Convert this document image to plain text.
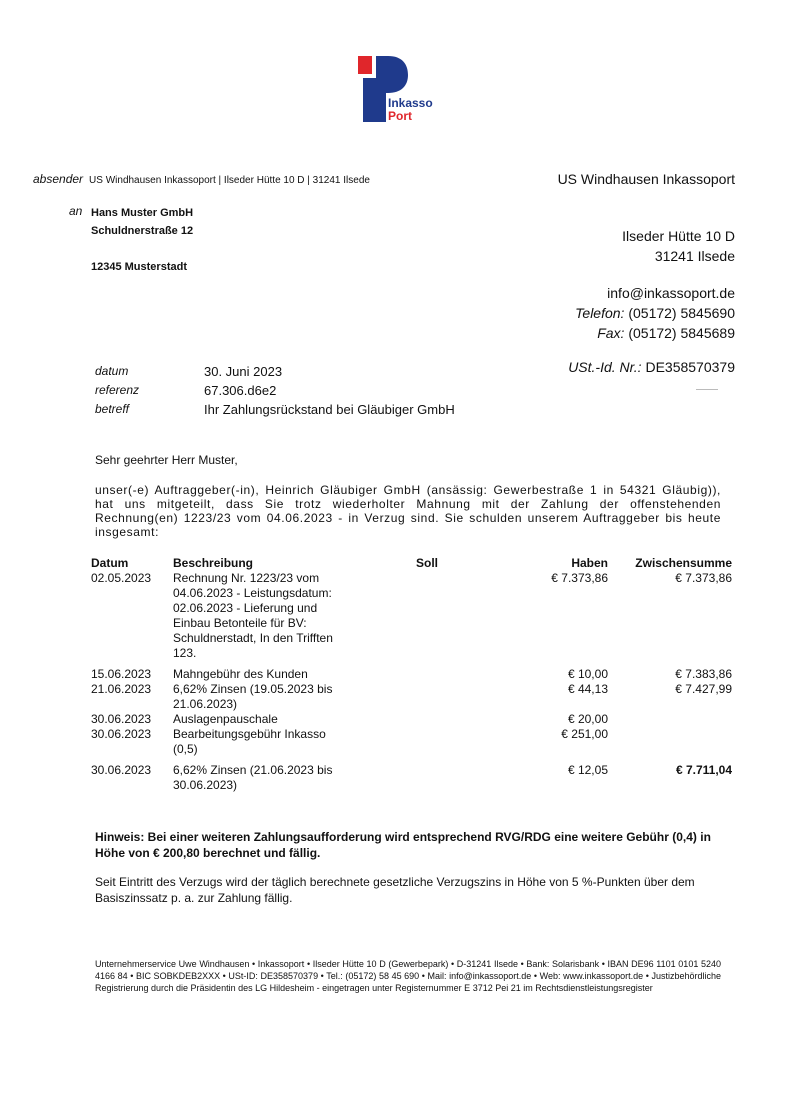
Inkasso
Port
absender US Windhausen Inkassoport | Ilseder Hütte 10 D | 31241 Ilsede	US Windhausen Inkassoport
an Hans Muster GmbH
Schuldnerstraße 12
12345 Musterstadt
Ilseder Hütte 10 D
31241 Ilsede
info@inkassoport.de
Telefon: (05172) 5845690
Fax: (05172) 5845689
USt.-Id. Nr.: DE358570379
datum	30. Juni 2023
referenz	67.306.d6e2
betreff	Ihr Zahlungsrückstand bei Gläubiger GmbH
Sehr geehrter Herr Muster,
unser(-e) Auftraggeber(-in), Heinrich Gläubiger GmbH (ansässig: Gewerbestraße 1 in 54321 Gläubig)), hat uns mitgeteilt, dass Sie trotz wiederholter Mahnung mit der Zahlung der offenstehenden Rechnung(en) 1223/23 vom 04.06.2023 - in Verzug sind. Sie schulden unserem Auftraggeber bis heute insgesamt:
Datum	Beschreibung	Soll	Haben	Zwischensumme
02.05.2023	Rechnung Nr. 1223/23 vom 04.06.2023 - Leistungsdatum: 02.06.2023 - Lieferung und Einbau Betonteile für BV: Schuldnerstadt, In den Trifften 123.		€ 7.373,86	€ 7.373,86
15.06.2023	Mahngebühr des Kunden		€ 10,00	€ 7.383,86
21.06.2023	6,62% Zinsen (19.05.2023 bis 21.06.2023)		€ 44,13	€ 7.427,99
30.06.2023	Auslagenpauschale		€ 20,00	
30.06.2023	Bearbeitungsgebühr Inkasso (0,5)		€ 251,00	
30.06.2023	6,62% Zinsen (21.06.2023 bis 30.06.2023)		€ 12,05	€ 7.711,04
Hinweis: Bei einer weiteren Zahlungsaufforderung wird entsprechend RVG/RDG eine weitere Gebühr (0,4) in Höhe von € 200,80 berechnet und fällig.
Seit Eintritt des Verzugs wird der täglich berechnete gesetzliche Verzugszins in Höhe von 5 %-Punkten über dem Basiszinssatz p. a. zur Zahlung fällig.
Unternehmerservice Uwe Windhausen • Inkassoport • Ilseder Hütte 10 D (Gewerbepark) • D-31241 Ilsede • Bank: Solarisbank • IBAN DE96 1101 0101 5240 4166 84 • BIC SOBKDEB2XXX • USt-ID: DE358570379 • Tel.: (05172) 58 45 690 • Mail: info@inkassoport.de • Web: www.inkassoport.de • Justizbehördliche Registrierung durch die Präsidentin des LG Hildesheim - eingetragen unter Registernummer E 3712 Pei 21 im Rechtsdienstleistungsregister
